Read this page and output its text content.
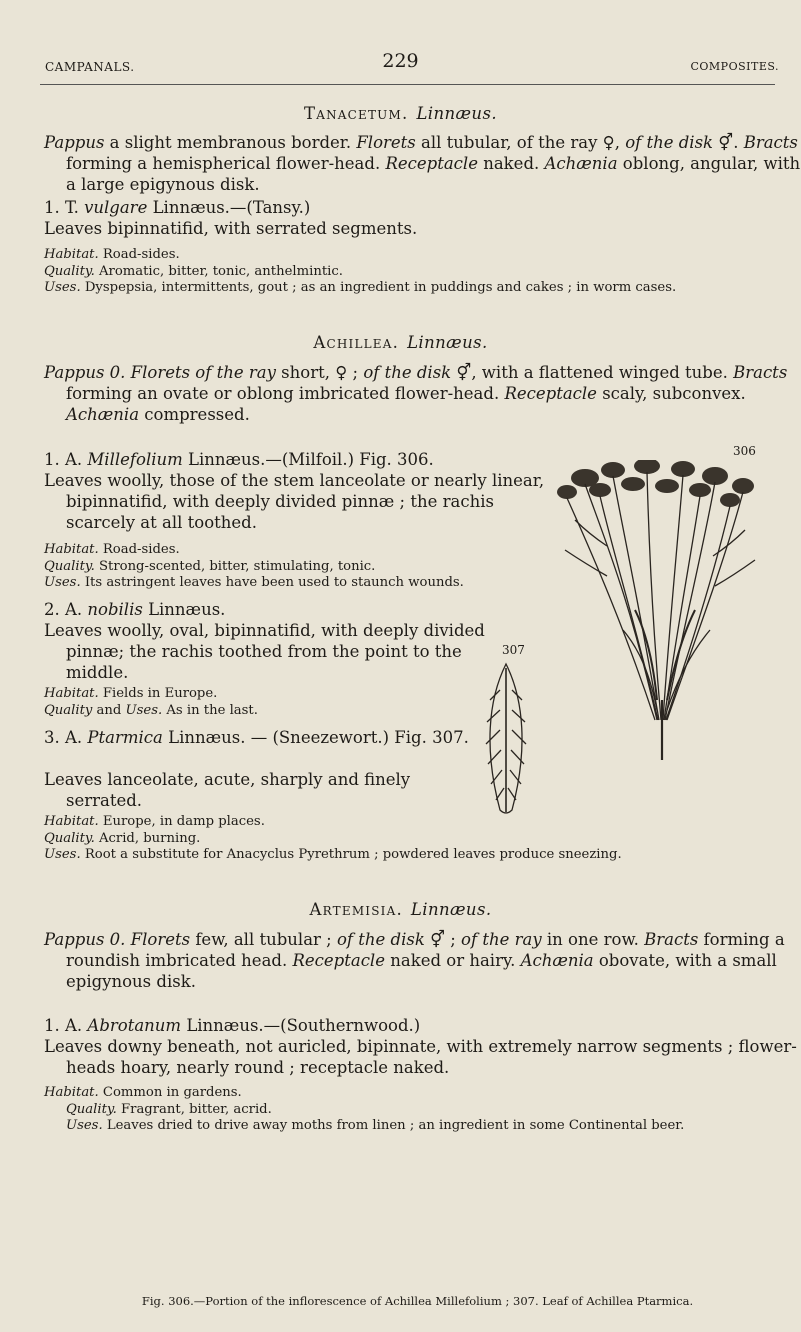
CAMPANALS.	229	COMPOSITES.
Tanacetum. Linnæus.

Pappus a slight membranous border. Florets all tubular, of the ray ♀, of the disk ⚥. Bracts forming a hemispherical flower-head. Receptacle naked. Achænia oblong, angular, with a large epigynous disk.

1. T. vulgare Linnæus.—(Tansy.)

Leaves bipinnatifid, with serrated segments.

Habitat. Road-sides.
Quality. Aromatic, bitter, tonic, anthelmintic.
Uses. Dyspepsia, intermittents, gout ; as an ingredient in puddings and cakes ; in worm cases.

Achillea. Linnæus.

Pappus 0. Florets of the ray short, ♀ ; of the disk ⚥, with a flattened winged tube. Bracts forming an ovate or oblong imbricated flower-head. Receptacle scaly, subconvex. Achænia compressed.

1. A. Millefolium Linnæus.—(Milfoil.) Fig. 306.

Leaves woolly, those of the stem lanceolate or nearly linear, bipinnatifid, with deeply divided pinnæ ; the rachis scarcely at all toothed.

Habitat. Road-sides.
Quality. Strong-scented, bitter, stimulating, tonic.
Uses. Its astringent leaves have been used to staunch wounds.

2. A. nobilis Linnæus.

Leaves woolly, oval, bipinnatifid, with deeply divided pinnæ; the rachis toothed from the point to the middle.

Habitat. Fields in Europe.
Quality and Uses. As in the last.

3. A. Ptarmica Linnæus. — (Sneezewort.) Fig. 307.

Leaves lanceolate, acute, sharply and finely serrated.

Habitat. Europe, in damp places.
Quality. Acrid, burning.
Uses. Root a substitute for Anacyclus Pyrethrum ; powdered leaves produce sneezing.

Artemisia. Linnæus.

Pappus 0. Florets few, all tubular ; of the disk ⚥ ; of the ray in one row. Bracts forming a roundish imbricated head. Receptacle naked or hairy. Achænia obovate, with a small epigynous disk.

1. A. Abrotanum Linnæus.—(Southernwood.)

Leaves downy beneath, not auricled, bipinnate, with extremely narrow segments ; flower-heads hoary, nearly round ; receptacle naked.

Habitat. Common in gardens.
Quality. Fragrant, bitter, acrid.
Uses. Leaves dried to drive away moths from linen ; an ingredient in some Continental beer.

306
307
Fig. 306.—Portion of the inflorescence of Achillea Millefolium ; 307. Leaf of Achillea Ptarmica.
